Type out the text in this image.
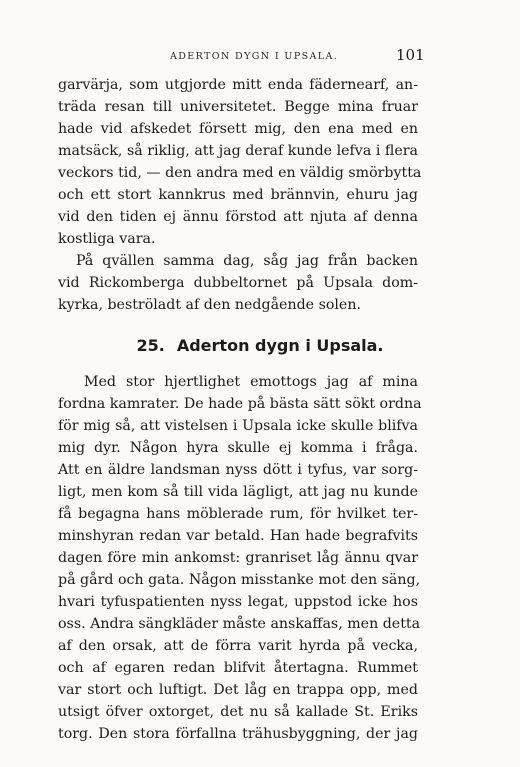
ADERTON DYGN I UPSALA.	101
garvärja, som utgjorde mitt enda fädernearf, an-
träda resan till universitetet. Begge mina fruar
hade vid afskedet försett mig, den ena med en
matsäck, så riklig, att jag deraf kunde lefva i flera
veckors tid, — den andra med en väldig smörbytta
och ett stort kannkrus med brännvin, ehuru jag
vid den tiden ej ännu förstod att njuta af denna
kostliga vara.
På qvällen samma dag, såg jag från backen
vid Rickomberga dubbeltornet på Upsala dom-
kyrka, beströladt af den nedgående solen.
25. Aderton dygn i Upsala.
Med stor hjertlighet emottogs jag af mina
fordna kamrater. De hade på bästa sätt sökt ordna
för mig så, att vistelsen i Upsala icke skulle blifva
mig dyr. Någon hyra skulle ej komma i fråga.
Att en äldre landsman nyss dött i tyfus, var sorg-
ligt, men kom så till vida lägligt, att jag nu kunde
få begagna hans möblerade rum, för hvilket ter-
minshyran redan var betald. Han hade begrafvits
dagen före min ankomst: granriset låg ännu qvar
på gård och gata. Någon misstanke mot den säng,
hvari tyfuspatienten nyss legat, uppstod icke hos
oss. Andra sängkläder måste anskaffas, men detta
af den orsak, att de förra varit hyrda på vecka,
och af egaren redan blifvit återtagna. Rummet
var stort och luftigt. Det låg en trappa opp, med
utsigt öfver oxtorget, det nu så kallade St. Eriks
torg. Den stora förfallna trähusbyggning, der jag
